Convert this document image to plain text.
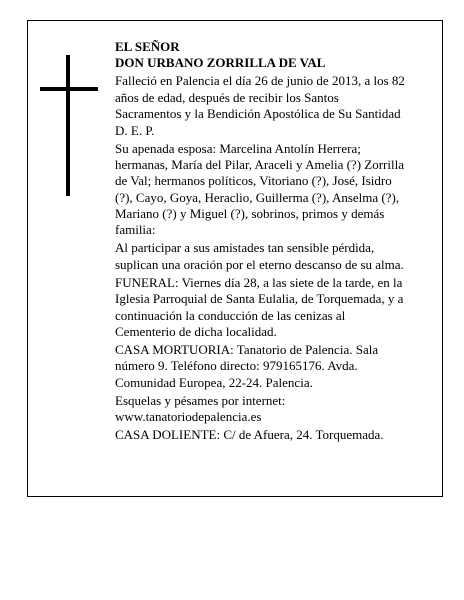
EL SEÑOR
DON URBANO ZORRILLA DE VAL
Falleció en Palencia el día 26 de junio de 2013, a los 82
años de edad, después de recibir los Santos
Sacramentos y la Bendición Apostólica de Su Santidad
D. E. P.
Su apenada esposa: Marcelina Antolín Herrera;
hermanas, María del Pilar, Araceli y Amelia (?) Zorrilla
de Val; hermanos políticos, Vitoriano (?), José, Isidro
(?), Cayo, Goya, Heraclio, Guillerma (?), Anselma (?),
Mariano (?) y Miguel (?), sobrinos, primos y demás
familia:
Al participar a sus amistades tan sensible pérdida,
suplican una oración por el eterno descanso de su alma.
FUNERAL: Viernes día 28, a las siete de la tarde, en la
Iglesia Parroquial de Santa Eulalia, de Torquemada, y a
continuación la conducción de las cenizas al
Cementerio de dicha localidad.
CASA MORTUORIA: Tanatorio de Palencia. Sala
número 9. Teléfono directo: 979165176. Avda.
Comunidad Europea, 22-24. Palencia.
Esquelas y pésames por internet:
www.tanatoriodepalencia.es
CASA DOLIENTE: C/ de Afuera, 24. Torquemada.
